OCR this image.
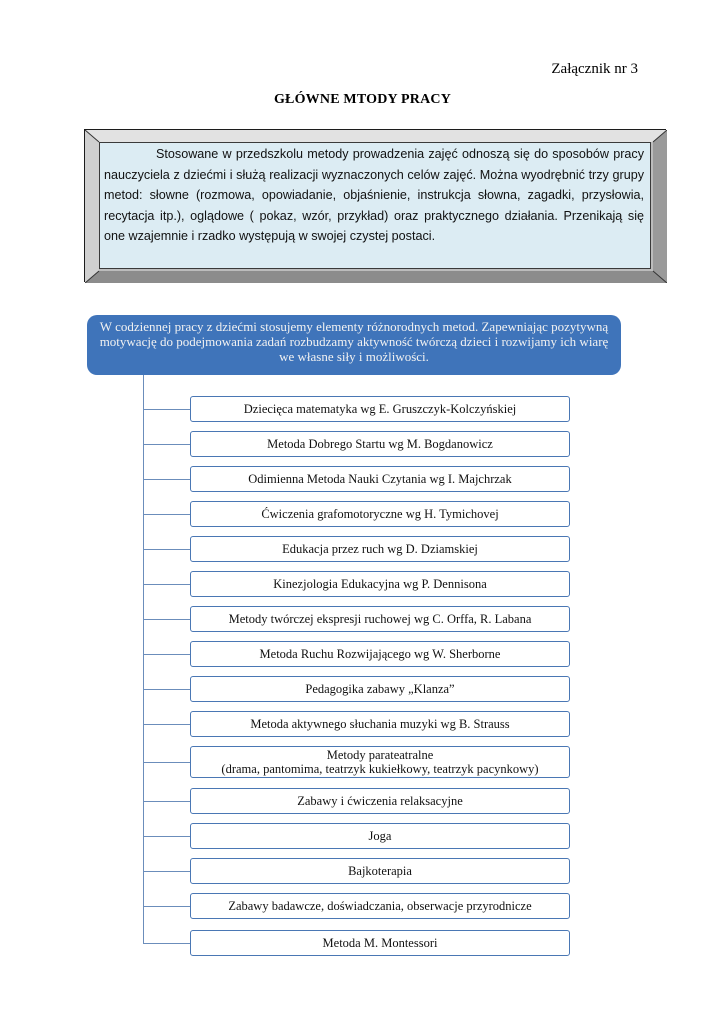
Załącznik nr 3
GŁÓWNE MTODY PRACY
Stosowane w przedszkolu metody prowadzenia zajęć odnoszą się do sposobów pracy nauczyciela z dziećmi i służą realizacji wyznaczonych celów zajęć. Można wyodrębnić trzy grupy metod: słowne (rozmowa, opowiadanie, objaśnienie, instrukcja słowna, zagadki, przysłowia, recytacja itp.), oglądowe ( pokaz, wzór, przykład) oraz praktycznego działania. Przenikają się one wzajemnie i rzadko występują w swojej czystej postaci.
W codziennej pracy z dziećmi stosujemy elementy różnorodnych metod. Zapewniając pozytywną motywację do podejmowania zadań rozbudzamy aktywność twórczą dzieci i rozwijamy ich wiarę we własne siły i możliwości.
Dziecięca matematyka wg E. Gruszczyk-Kolczyńskiej
Metoda Dobrego Startu wg M. Bogdanowicz
Odimienna Metoda Nauki Czytania wg I. Majchrzak
Ćwiczenia grafomotoryczne wg H. Tymichovej
Edukacja przez ruch wg D. Dziamskiej
Kinezjologia Edukacyjna wg P. Dennisona
Metody twórczej ekspresji ruchowej wg C. Orffa, R. Labana
Metoda Ruchu Rozwijającego wg W. Sherborne
Pedagogika zabawy „Klanza”
Metoda aktywnego słuchania muzyki wg B. Strauss
Metody parateatralne
(drama, pantomima, teatrzyk kukiełkowy, teatrzyk pacynkowy)
Zabawy i ćwiczenia relaksacyjne
Joga
Bajkoterapia
Zabawy badawcze, doświadczania, obserwacje przyrodnicze
Metoda M. Montessori
